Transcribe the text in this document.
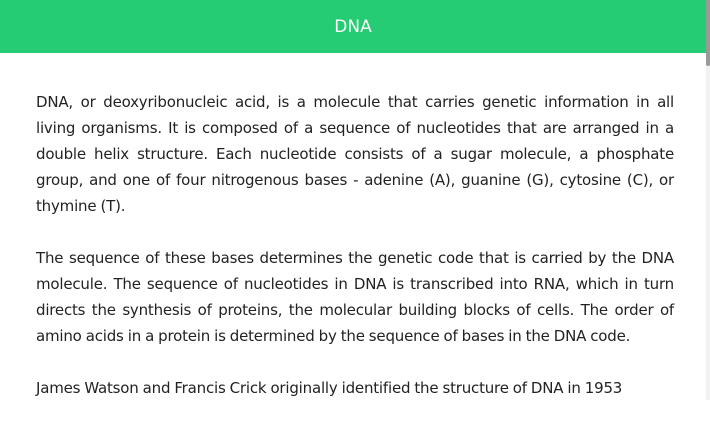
DNA

DNA, or deoxyribonucleic acid, is a molecule that carries genetic information in all living organisms. It is composed of a sequence of nucleotides that are arranged in a double helix structure. Each nucleotide consists of a sugar molecule, a phosphate group, and one of four nitrogenous bases - adenine (A), guanine (G), cytosine (C), or thymine (T).

The sequence of these bases determines the genetic code that is carried by the DNA molecule. The sequence of nucleotides in DNA is transcribed into RNA, which in turn directs the synthesis of proteins, the molecular building blocks of cells. The order of amino acids in a protein is determined by the sequence of bases in the DNA code.

James Watson and Francis Crick originally identified the structure of DNA in 1953
